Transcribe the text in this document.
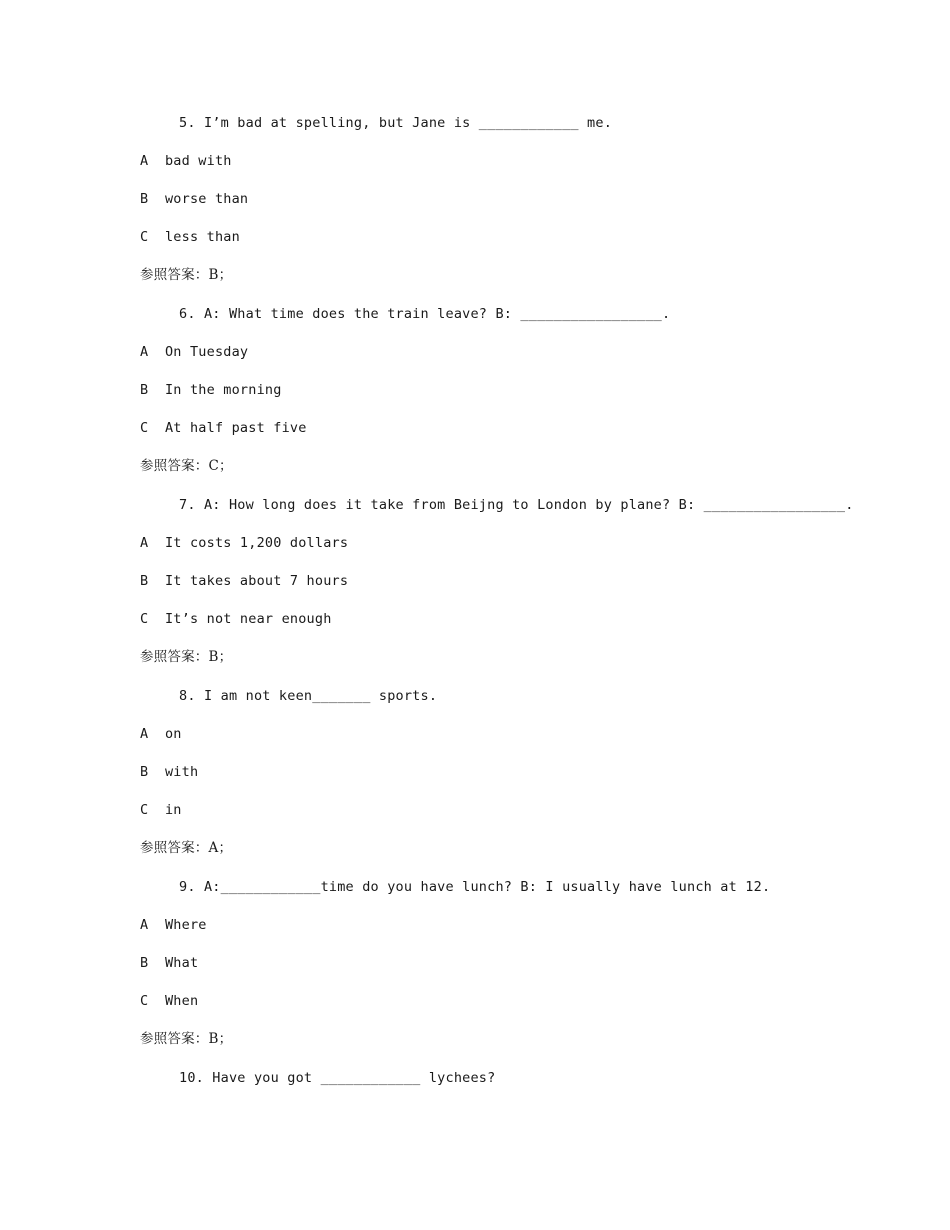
5. I’m bad at spelling, but Jane is ____________ me.
A  bad with
B  worse than
C  less than
参照答案：B；
6. A: What time does the train leave? B: _________________.
A  On Tuesday
B  In the morning
C  At half past five
参照答案：C；
7. A: How long does it take from Beijng to London by plane? B: _________________.
A  It costs 1,200 dollars
B  It takes about 7 hours
C  It’s not near enough
参照答案：B；
8. I am not keen_______ sports.
A  on
B  with
C  in
参照答案：A；
9. A:____________time do you have lunch? B: I usually have lunch at 12.
A  Where
B  What
C  When
参照答案：B；
10. Have you got ____________ lychees?
